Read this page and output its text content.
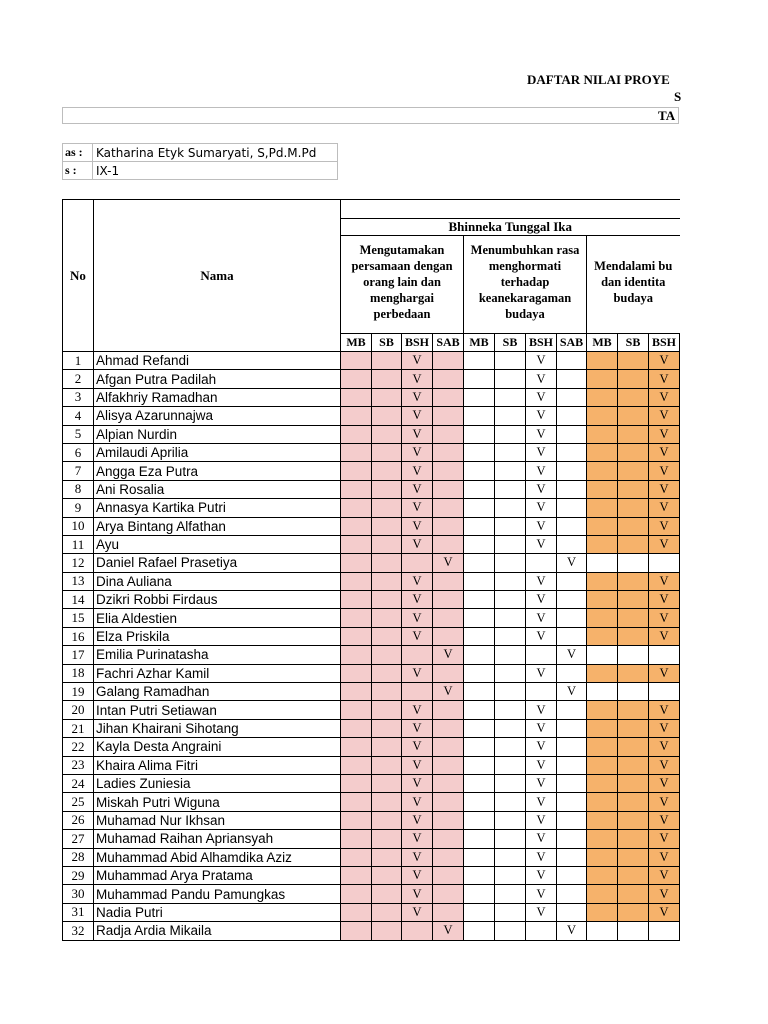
DAFTAR NILAI PROYE
S
TA
as :	Katharina Etyk Sumaryati, S,Pd.M.Pd
s :	IX-1
No	Nama											
		Bhinneka Tunggal Ika										
		Mengutamakan persamaan dengan orang lain dan menghargai perbedaan				Menumbuhkan rasa menghormati terhadap keanekaragaman budaya				Mendalami bu dan identita budaya		
		MB	SB	BSH	SAB	MB	SB	BSH	SAB	MB	SB	BSH
1	Ahmad Refandi			V				V				V
2	Afgan Putra Padilah			V				V				V
3	Alfakhriy Ramadhan			V				V				V
4	Alisya Azarunnajwa			V				V				V
5	Alpian Nurdin			V				V				V
6	Amilaudi Aprilia			V				V				V
7	Angga Eza Putra			V				V				V
8	Ani Rosalia			V				V				V
9	Annasya Kartika Putri			V				V				V
10	Arya Bintang Alfathan			V				V				V
11	Ayu			V				V				V
12	Daniel Rafael Prasetiya				V				V			
13	Dina Auliana			V				V				V
14	Dzikri Robbi Firdaus			V				V				V
15	Elia Aldestien			V				V				V
16	Elza Priskila			V				V				V
17	Emilia Purinatasha				V				V			
18	Fachri Azhar Kamil			V				V				V
19	Galang Ramadhan				V				V			
20	Intan Putri Setiawan			V				V				V
21	Jihan Khairani Sihotang			V				V				V
22	Kayla Desta Angraini			V				V				V
23	Khaira Alima Fitri			V				V				V
24	Ladies Zuniesia			V				V				V
25	Miskah Putri Wiguna			V				V				V
26	Muhamad Nur Ikhsan			V				V				V
27	Muhamad Raihan Apriansyah			V				V				V
28	Muhammad Abid Alhamdika Aziz			V				V				V
29	Muhammad Arya Pratama			V				V				V
30	Muhammad Pandu Pamungkas			V				V				V
31	Nadia Putri			V				V				V
32	Radja Ardia Mikaila				V				V			
